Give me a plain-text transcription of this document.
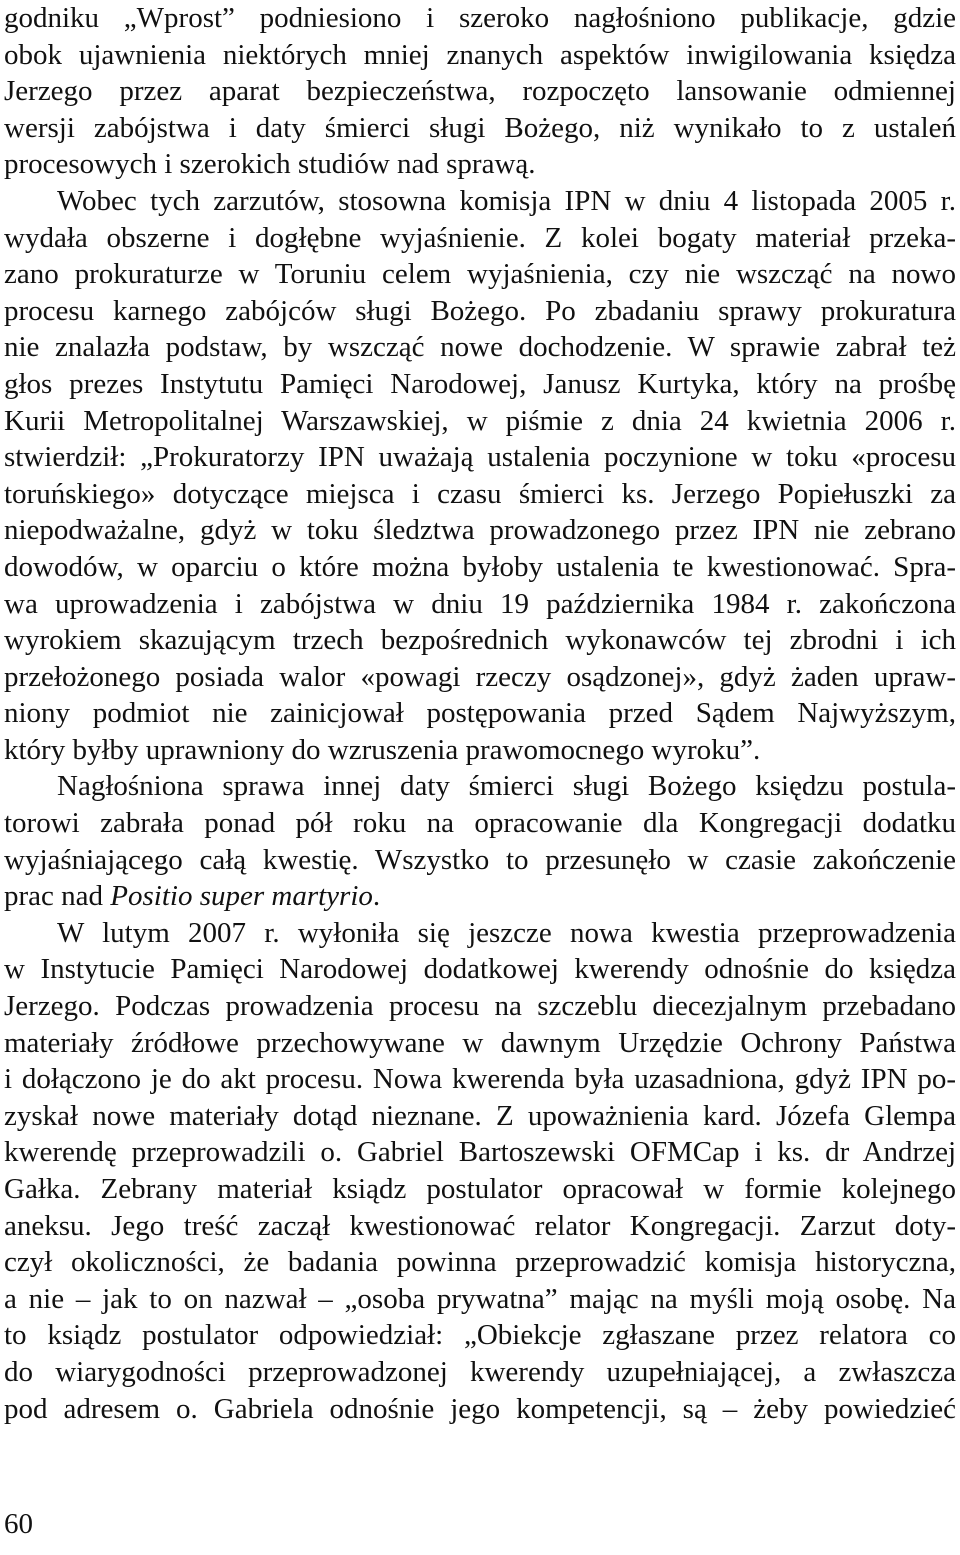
godniku „Wprost” podniesiono i szeroko nagłośniono publikacje, gdzie
obok ujawnienia niektórych mniej znanych aspektów inwigilowania księdza
Jerzego przez aparat bezpieczeństwa, rozpoczęto lansowanie odmiennej
wersji zabójstwa i daty śmierci sługi Bożego, niż wynikało to z ustaleń
procesowych i szerokich studiów nad sprawą.
Wobec tych zarzutów, stosowna komisja IPN w dniu 4 listopada 2005 r.
wydała obszerne i dogłębne wyjaśnienie. Z kolei bogaty materiał przeka-
zano prokuraturze w Toruniu celem wyjaśnienia, czy nie wszcząć na nowo
procesu karnego zabójców sługi Bożego. Po zbadaniu sprawy prokuratura
nie znalazła podstaw, by wszcząć nowe dochodzenie. W sprawie zabrał też
głos prezes Instytutu Pamięci Narodowej, Janusz Kurtyka, który na prośbę
Kurii Metropolitalnej Warszawskiej, w piśmie z dnia 24 kwietnia 2006 r.
stwierdził: „Prokuratorzy IPN uważają ustalenia poczynione w toku «procesu
toruńskiego» dotyczące miejsca i czasu śmierci ks. Jerzego Popiełuszki za
niepodważalne, gdyż w toku śledztwa prowadzonego przez IPN nie zebrano
dowodów, w oparciu o które można byłoby ustalenia te kwestionować. Spra-
wa uprowadzenia i zabójstwa w dniu 19 października 1984 r. zakończona
wyrokiem skazującym trzech bezpośrednich wykonawców tej zbrodni i ich
przełożonego posiada walor «powagi rzeczy osądzonej», gdyż żaden upraw-
niony podmiot nie zainicjował postępowania przed Sądem Najwyższym,
który byłby uprawniony do wzruszenia prawomocnego wyroku”.
Nagłośniona sprawa innej daty śmierci sługi Bożego księdzu postula-
torowi zabrała ponad pół roku na opracowanie dla Kongregacji dodatku
wyjaśniającego całą kwestię. Wszystko to przesunęło w czasie zakończenie
prac nad Positio super martyrio.
W lutym 2007 r. wyłoniła się jeszcze nowa kwestia przeprowadzenia
w Instytucie Pamięci Narodowej dodatkowej kwerendy odnośnie do księdza
Jerzego. Podczas prowadzenia procesu na szczeblu diecezjalnym przebadano
materiały źródłowe przechowywane w dawnym Urzędzie Ochrony Państwa
i dołączono je do akt procesu. Nowa kwerenda była uzasadniona, gdyż IPN po-
zyskał nowe materiały dotąd nieznane. Z upoważnienia kard. Józefa Glempa
kwerendę przeprowadzili o. Gabriel Bartoszewski OFMCap i ks. dr Andrzej
Gałka. Zebrany materiał ksiądz postulator opracował w formie kolejnego
aneksu. Jego treść zaczął kwestionować relator Kongregacji. Zarzut doty-
czył okoliczności, że badania powinna przeprowadzić komisja historyczna,
a nie – jak to on nazwał – „osoba prywatna” mając na myśli moją osobę. Na
to ksiądz postulator odpowiedział: „Obiekcje zgłaszane przez relatora co
do wiarygodności przeprowadzonej kwerendy uzupełniającej, a zwłaszcza
pod adresem o. Gabriela odnośnie jego kompetencji, są – żeby powiedzieć
60
